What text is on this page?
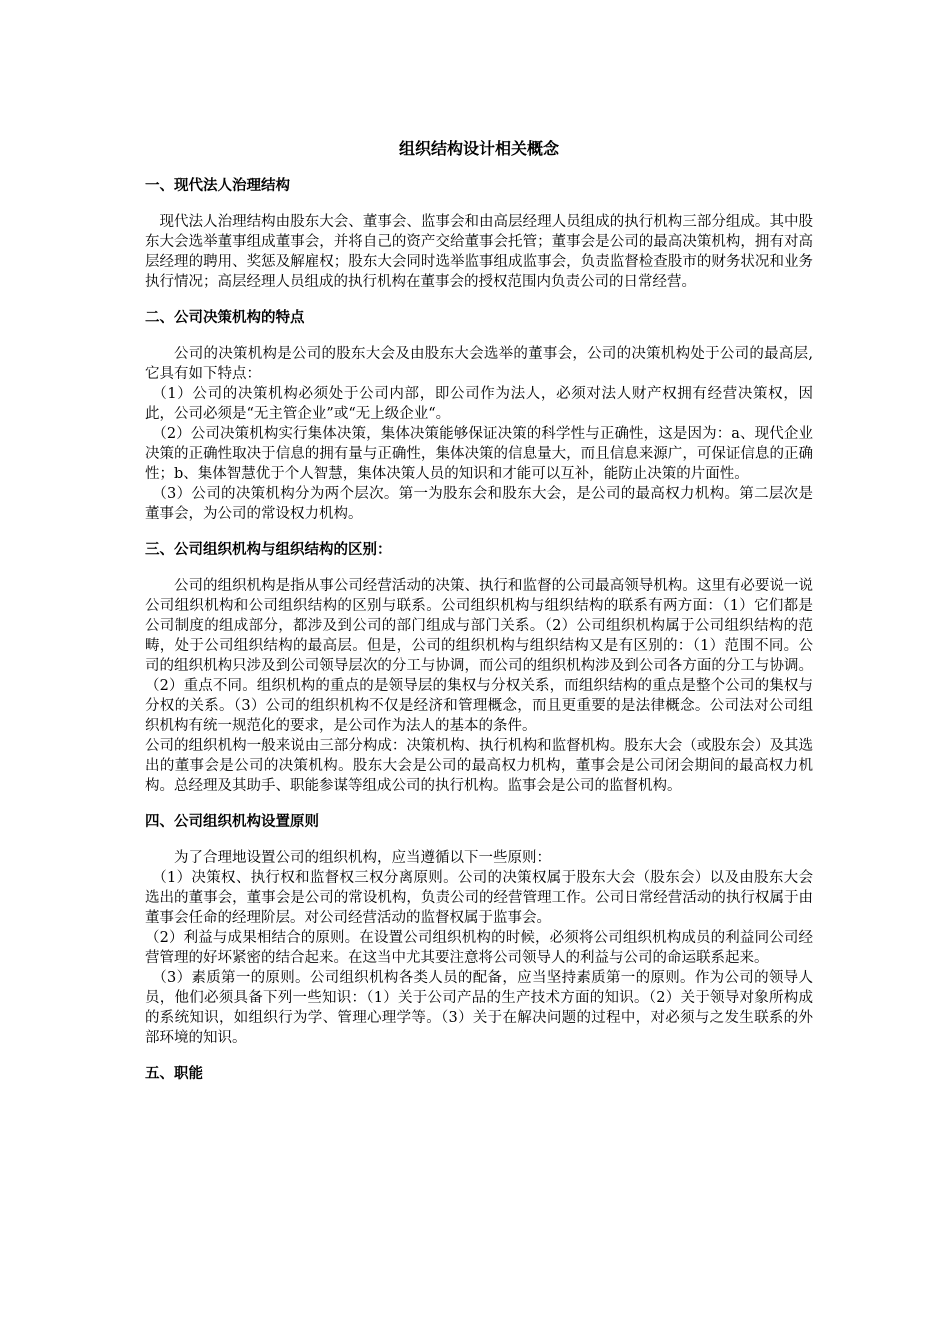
组织结构设计相关概念
一、现代法人治理结构

现代法人治理结构由股东大会、董事会、监事会和由高层经理人员组成的执行机构三部分组成。其中股东大会选举董事组成董事会，并将自己的资产交给董事会托管；董事会是公司的最高决策机构，拥有对高层经理的聘用、奖惩及解雇权；股东大会同时选举监事组成监事会，负责监督检查股市的财务状况和业务执行情况；高层经理人员组成的执行机构在董事会的授权范围内负责公司的日常经营。

二、公司决策机构的特点

公司的决策机构是公司的股东大会及由股东大会选举的董事会，公司的决策机构处于公司的最高层,它具有如下特点：

（1）公司的决策机构必须处于公司内部，即公司作为法人，必须对法人财产权拥有经营决策权，因此，公司必须是“无主管企业”或“无上级企业“。

（2）公司决策机构实行集体决策，集体决策能够保证决策的科学性与正确性，这是因为：a、现代企业决策的正确性取决于信息的拥有量与正确性，集体决策的信息量大，而且信息来源广，可保证信息的正确性；b、集体智慧优于个人智慧，集体决策人员的知识和才能可以互补，能防止决策的片面性。

（3）公司的决策机构分为两个层次。第一为股东会和股东大会，是公司的最高权力机构。第二层次是董事会，为公司的常设权力机构。

三、公司组织机构与组织结构的区别：

公司的组织机构是指从事公司经营活动的决策、执行和监督的公司最高领导机构。这里有必要说一说公司组织机构和公司组织结构的区别与联系。公司组织机构与组织结构的联系有两方面：（1）它们都是公司制度的组成部分，都涉及到公司的部门组成与部门关系。（2）公司组织机构属于公司组织结构的范畴，处于公司组织结构的最高层。但是，公司的组织机构与组织结构又是有区别的：（1）范围不同。公司的组织机构只涉及到公司领导层次的分工与协调，而公司的组织机构涉及到公司各方面的分工与协调。（2）重点不同。组织机构的重点的是领导层的集权与分权关系，而组织结构的重点是整个公司的集权与分权的关系。（3）公司的组织机构不仅是经济和管理概念，而且更重要的是法律概念。公司法对公司组织机构有统一规范化的要求，是公司作为法人的基本的条件。

公司的组织机构一般来说由三部分构成：决策机构、执行机构和监督机构。股东大会（或股东会）及其选出的董事会是公司的决策机构。股东大会是公司的最高权力机构，董事会是公司闭会期间的最高权力机构。总经理及其助手、职能参谋等组成公司的执行机构。监事会是公司的监督机构。

四、公司组织机构设置原则

为了合理地设置公司的组织机构，应当遵循以下一些原则：

（1）决策权、执行权和监督权三权分离原则。公司的决策权属于股东大会（股东会）以及由股东大会选出的董事会，董事会是公司的常设机构，负责公司的经营管理工作。公司日常经营活动的执行权属于由董事会任命的经理阶层。对公司经营活动的监督权属于监事会。

（2）利益与成果相结合的原则。在设置公司组织机构的时候，必须将公司组织机构成员的利益同公司经营管理的好坏紧密的结合起来。在这当中尤其要注意将公司领导人的利益与公司的命运联系起来。

（3）素质第一的原则。公司组织机构各类人员的配备，应当坚持素质第一的原则。作为公司的领导人员，他们必须具备下列一些知识：（1）关于公司产品的生产技术方面的知识。（2）关于领导对象所构成的系统知识，如组织行为学、管理心理学等。（3）关于在解决问题的过程中，对必须与之发生联系的外部环境的知识。

五、职能
